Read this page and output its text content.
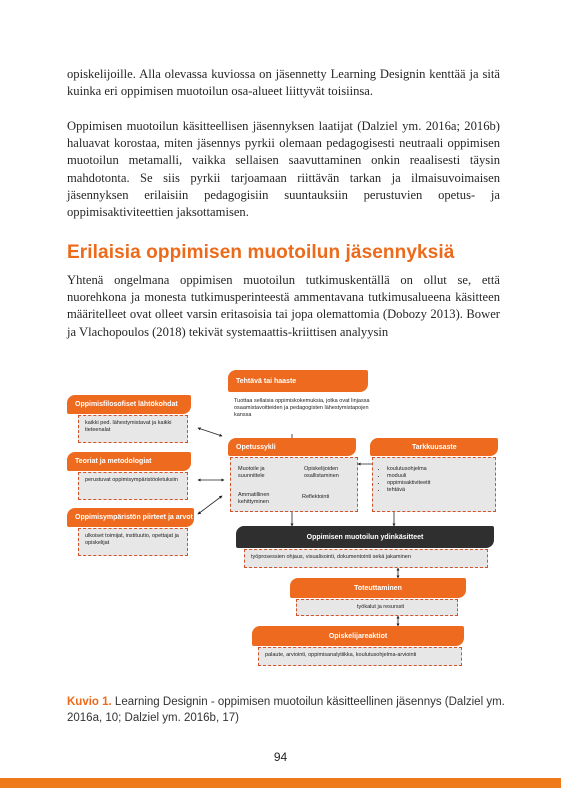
opiskelijoille. Alla olevassa kuviossa on jäsennetty Learning Designin kenttää ja sitä kuinka eri oppimisen muotoilun osa-alueet liittyvät toisiinsa.

Oppimisen muotoilun käsitteellisen jäsennyksen laatijat (Dalziel ym. 2016a; 2016b) haluavat korostaa, miten jäsennys pyrkii olemaan pedagogisesti neutraali oppimisen muotoilun metamalli, vaikka sellaisen saavuttaminen onkin reaalisesti täysin mahdotonta. Se siis pyrkii tarjoamaan riittävän tarkan ja ilmaisuvoimaisen jäsennyksen erilaisiin pedagogisiin suuntauksiin perustuvien opetus- ja oppimisaktiviteettien jaksottamisen.

Erilaisia oppimisen muotoilun jäsennyksiä

Yhtenä ongelmana oppimisen muotoilun tutkimuskentällä on ollut se, että nuorehkona ja monesta tutkimusperinteestä ammentavana tutkimusalueena käsitteen määritelleet ovat olleet varsin eritasoisia tai jopa olemattomia (Dobozy 2013). Bower ja Vlachopoulos (2018) tekivät systemaattis-kriittisen analyysin

Tehtävä tai haaste
Tuottaa sellaisia oppimiskokemuksia, jotka ovat linjassa osaamistavoitteiden ja pedagogisten lähestymistapojen kanssa
Oppimisfilosofiset lähtökohdat
kaikki ped. lähestymistavat ja kaikki tieteenalat
Teoriat ja metodologiat
perustuvat oppimisympäristöoletuksiin
Oppimisympäristön piirteet ja arvot
ulkoiset toimijat, instituutio, opettajat ja opiskelijat
Opetussykli
Muotoile ja suunnittele
Opiskelijoiden osallistaminen
Ammatillinen kehittyminen
Reflektointi
Tarkkuusaste
• koulutusohjelma
• moduuli
• oppimisaktiviteetit
• tehtävä
Oppimisen muotoilun ydinkäsitteet
työprosessien ohjaus, visualisointi, dokumentointi sekä jakaminen
Toteuttaminen
työkalut ja resurssit
Opiskelijareaktiot
palaute, arviointi, oppimisanalytiikka, koulutusohjelma-arviointi

Kuvio 1. Learning Designin - oppimisen muotoilun käsitteellinen jäsennys (Dalziel ym. 2016a, 10; Dalziel ym. 2016b, 17)

94
